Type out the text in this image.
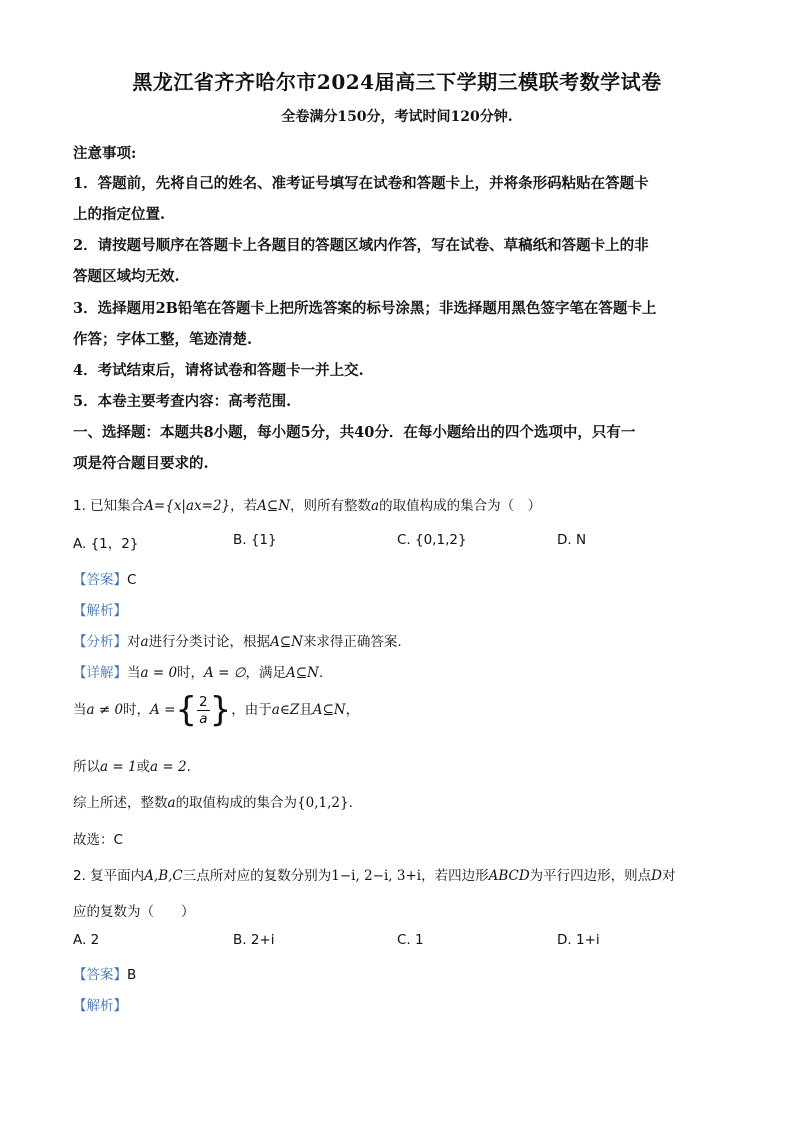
黑龙江省齐齐哈尔市2024届高三下学期三模联考数学试卷
全卷满分150分，考试时间120分钟.
注意事项:
1．答题前，先将自己的姓名、准考证号填写在试卷和答题卡上，并将条形码粘贴在答题卡
上的指定位置.
2．请按题号顺序在答题卡上各题目的答题区域内作答，写在试卷、草稿纸和答题卡上的非
答题区域均无效.
3．选择题用2B铅笔在答题卡上把所选答案的标号涂黑；非选择题用黑色签字笔在答题卡上
作答；字体工整，笔迹清楚.
4．考试结束后，请将试卷和答题卡一并上交.
5．本卷主要考查内容：高考范围.
一、选择题：本题共8小题，每小题5分，共40分．在每小题给出的四个选项中，只有一
项是符合题目要求的.
1. 已知集合A={x|ax=2}，若A⊆N，则所有整数a的取值构成的集合为（　）
A. {1，2}	B. {1}	C. {0,1,2}	D. N
【答案】C
【解析】
【分析】对a进行分类讨论，根据A⊆N来求得正确答案.
【详解】当a = 0时，A = ∅，满足A⊆N.
当a ≠ 0时，A ={ $\frac{2}{a}$ }，由于a∈Z且A⊆N，
所以a = 1或a = 2.
综上所述，整数a的取值构成的集合为{0,1,2}.
故选：C
2. 复平面内A,B,C三点所对应的复数分别为1−i, 2−i, 3+i，若四边形ABCD为平行四边形，则点D对
应的复数为（　　）
A. 2	B. 2+i	C. 1	D. 1+i
【答案】B
【解析】
